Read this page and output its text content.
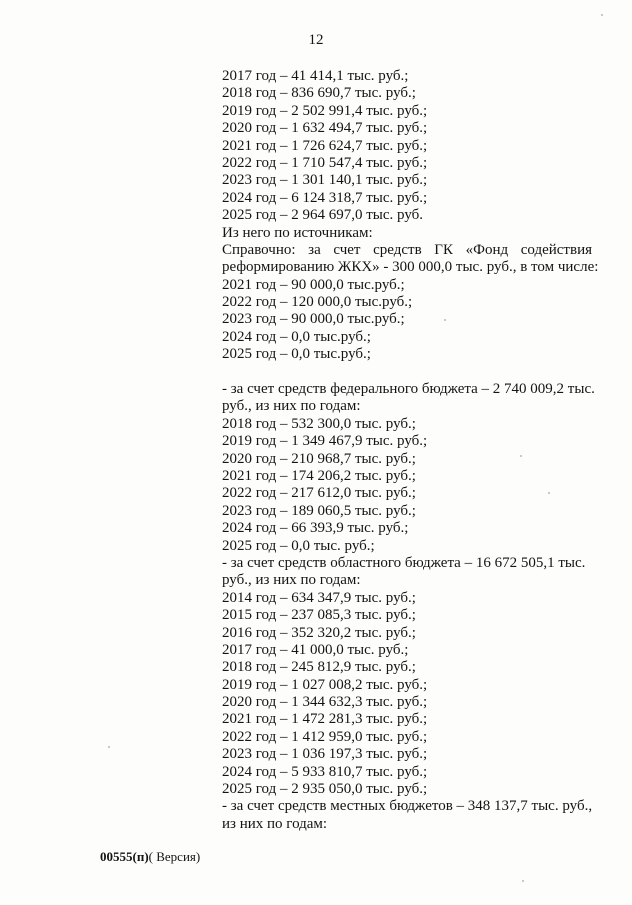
12
2017 год – 41 414,1 тыс. руб.;
2018 год – 836 690,7 тыс. руб.;
2019 год – 2 502 991,4 тыс. руб.;
2020 год – 1 632 494,7 тыс. руб.;
2021 год – 1 726 624,7 тыс. руб.;
2022 год – 1 710 547,4 тыс. руб.;
2023 год – 1 301 140,1 тыс. руб.;
2024 год – 6 124 318,7 тыс. руб.;
2025 год – 2 964 697,0 тыс. руб.
Из него по источникам:
Справочно: за счет средств ГК «Фонд содействия
реформированию ЖКХ» - 300 000,0 тыс. руб., в том числе:
2021 год – 90 000,0 тыс.руб.;
2022 год – 120 000,0 тыс.руб.;
2023 год – 90 000,0 тыс.руб.;
2024 год – 0,0 тыс.руб.;
2025 год – 0,0 тыс.руб.;
- за счет средств федерального бюджета – 2 740 009,2 тыс.
руб., из них по годам:
2018 год – 532 300,0 тыс. руб.;
2019 год – 1 349 467,9 тыс. руб.;
2020 год – 210 968,7 тыс. руб.;
2021 год – 174 206,2 тыс. руб.;
2022 год – 217 612,0 тыс. руб.;
2023 год – 189 060,5 тыс. руб.;
2024 год – 66 393,9 тыс. руб.;
2025 год – 0,0 тыс. руб.;
- за счет средств областного бюджета – 16 672 505,1 тыс.
руб., из них по годам:
2014 год – 634 347,9 тыс. руб.;
2015 год – 237 085,3 тыс. руб.;
2016 год – 352 320,2 тыс. руб.;
2017 год – 41 000,0 тыс. руб.;
2018 год – 245 812,9 тыс. руб.;
2019 год – 1 027 008,2 тыс. руб.;
2020 год – 1 344 632,3 тыс. руб.;
2021 год – 1 472 281,3 тыс. руб.;
2022 год – 1 412 959,0 тыс. руб.;
2023 год – 1 036 197,3 тыс. руб.;
2024 год – 5 933 810,7 тыс. руб.;
2025 год – 2 935 050,0 тыс. руб.;
- за счет средств местных бюджетов – 348 137,7 тыс. руб.,
из них по годам:
00555(п)( Версия)
